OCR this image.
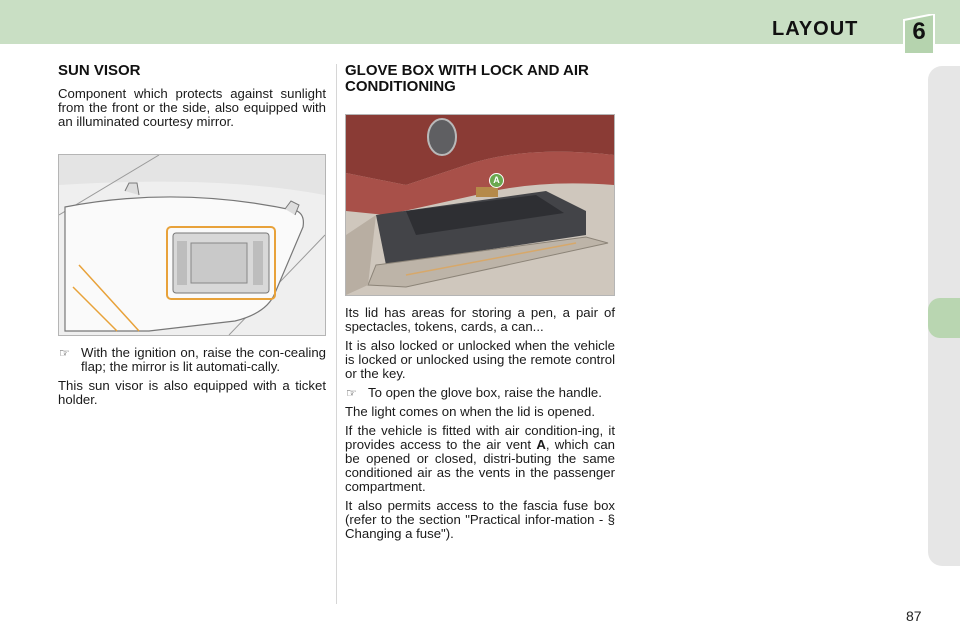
LAYOUT	6
SUN VISOR

Component which protects against sunlight from the front or the side, also equipped with an illuminated courtesy mirror.

☞ With the ignition on, raise the con-cealing flap; the mirror is lit automati-cally.

This sun visor is also equipped with a ticket holder.

GLOVE BOX WITH LOCK AND AIR CONDITIONING
A

Its lid has areas for storing a pen, a pair of spectacles, tokens, cards, a can...

It is also locked or unlocked when the vehicle is locked or unlocked using the remote control or the key.

☞ To open the glove box, raise the handle.

The light comes on when the lid is opened.

If the vehicle is fitted with air condition-ing, it provides access to the air vent A, which can be opened or closed, distri-buting the same conditioned air as the vents in the passenger compartment.

It also permits access to the fascia fuse box (refer to the section "Practical infor-mation - § Changing a fuse").

87
